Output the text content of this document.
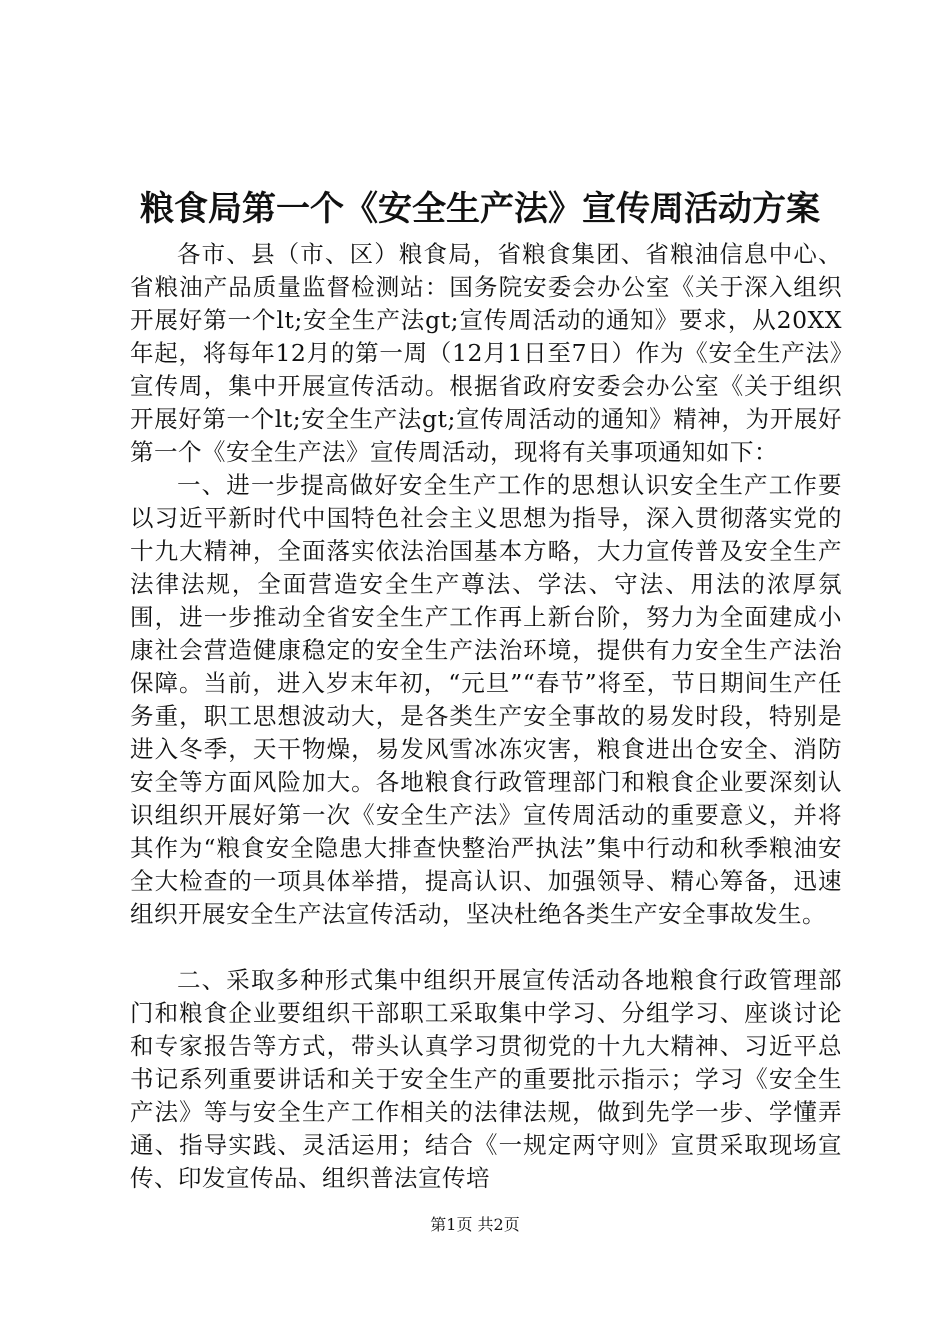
粮食局第一个《安全生产法》宣传周活动方案

各市、县（市、区）粮食局，省粮食集团、省粮油信息中心、省粮油产品质量监督检测站：国务院安委会办公室《关于深入组织开展好第一个lt;安全生产法gt;宣传周活动的通知》要求，从20XX年起，将每年12月的第一周（12月1日至7日）作为《安全生产法》宣传周，集中开展宣传活动。根据省政府安委会办公室《关于组织开展好第一个lt;安全生产法gt;宣传周活动的通知》精神，为开展好第一个《安全生产法》宣传周活动，现将有关事项通知如下：

一、进一步提高做好安全生产工作的思想认识安全生产工作要以习近平新时代中国特色社会主义思想为指导，深入贯彻落实党的十九大精神，全面落实依法治国基本方略，大力宣传普及安全生产法律法规，全面营造安全生产尊法、学法、守法、用法的浓厚氛围，进一步推动全省安全生产工作再上新台阶，努力为全面建成小康社会营造健康稳定的安全生产法治环境，提供有力安全生产法治保障。当前，进入岁末年初，“元旦”“春节”将至，节日期间生产任务重，职工思想波动大，是各类生产安全事故的易发时段，特别是进入冬季，天干物燥，易发风雪冰冻灾害，粮食进出仓安全、消防安全等方面风险加大。各地粮食行政管理部门和粮食企业要深刻认识组织开展好第一次《安全生产法》宣传周活动的重要意义，并将其作为“粮食安全隐患大排查快整治严执法”集中行动和秋季粮油安全大检查的一项具体举措，提高认识、加强领导、精心筹备，迅速组织开展安全生产法宣传活动，坚决杜绝各类生产安全事故发生。

二、采取多种形式集中组织开展宣传活动各地粮食行政管理部门和粮食企业要组织干部职工采取集中学习、分组学习、座谈讨论和专家报告等方式，带头认真学习贯彻党的十九大精神、习近平总书记系列重要讲话和关于安全生产的重要批示指示；学习《安全生产法》等与安全生产工作相关的法律法规，做到先学一步、学懂弄通、指导实践、灵活运用；结合《一规定两守则》宣贯采取现场宣传、印发宣传品、组织普法宣传培

第1页 共2页
